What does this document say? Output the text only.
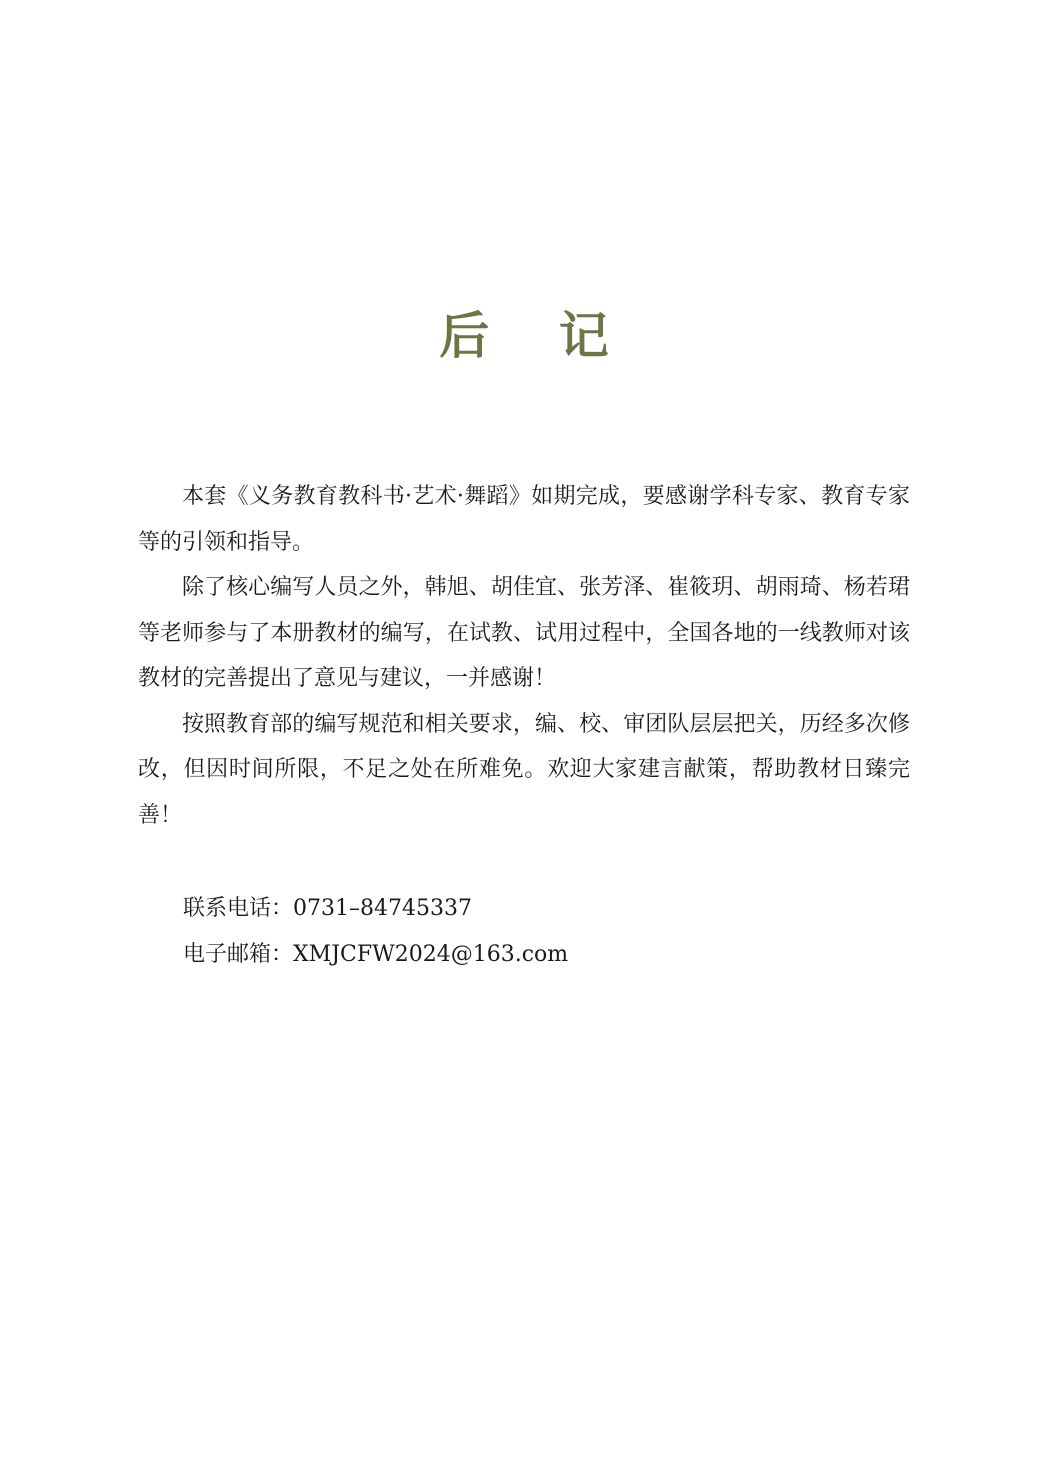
后 记

本套《义务教育教科书·艺术·舞蹈》如期完成，要感谢学科专家、教育专家等的引领和指导。

除了核心编写人员之外，韩旭、胡佳宜、张芳泽、崔筱玥、胡雨琦、杨若珺等老师参与了本册教材的编写，在试教、试用过程中，全国各地的一线教师对该教材的完善提出了意见与建议，一并感谢！

按照教育部的编写规范和相关要求，编、校、审团队层层把关，历经多次修改，但因时间所限，不足之处在所难免。欢迎大家建言献策，帮助教材日臻完善！

联系电话：0731–84745337

电子邮箱：XMJCFW2024@163.com
